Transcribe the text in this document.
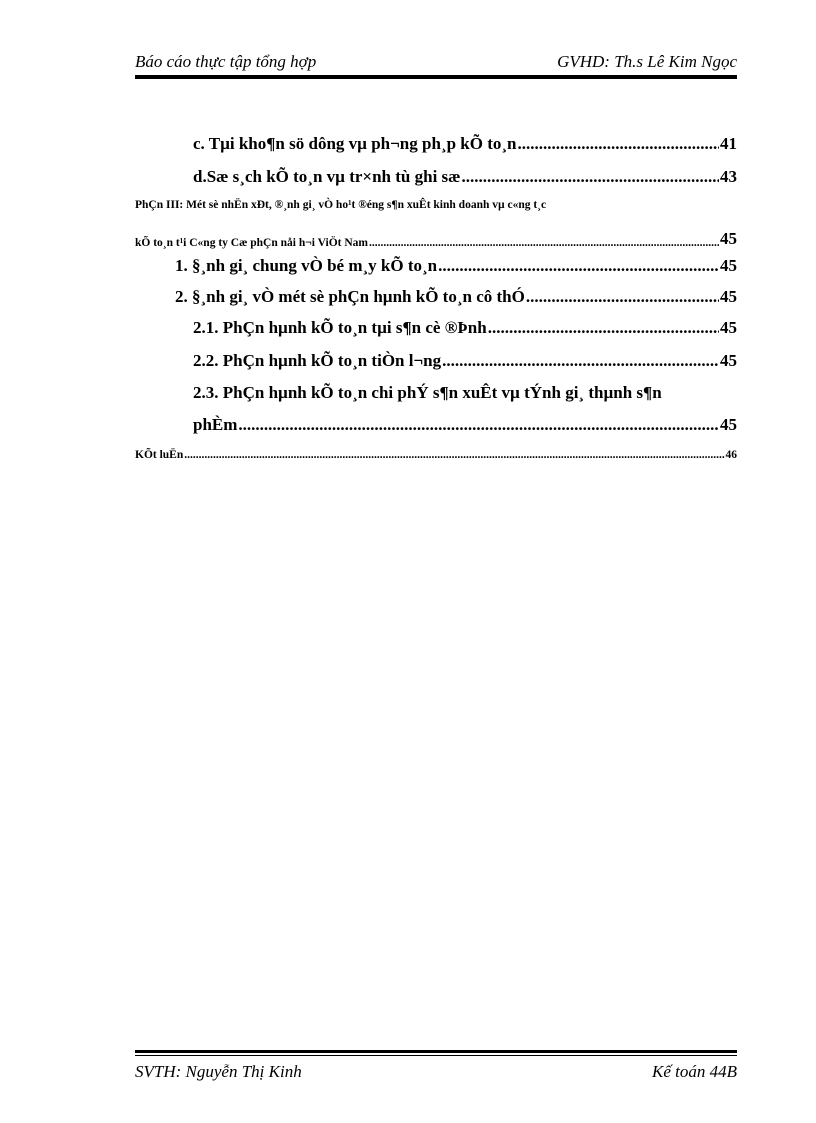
Báo cáo thực tập tổng hợp	GVHD: Th.s Lê Kim Ngọc
c. Tµi kho¶n sö dông vµ ph¬ng ph¸p kÕ to¸n .....	41
d.Sæ s¸ch kÕ to¸n vµ tr×nh tù ghi sæ .....	43
PhÇn III: Mét sè nhËn xÐt, ®¸nh gi¸ vÒ ho¹t ®éng s¶n xuÊt kinh doanh vµ c«ng t¸c
kÕ to¸n t¹i C«ng ty Cæ phÇn nåi h¬i ViÖt Nam .....	45
1. §¸nh gi¸ chung vÒ bé m¸y kÕ to¸n .....	45
2. §¸nh gi¸ vÒ mét sè phÇn hµnh kÕ to¸n cô thÓ .....	45
2.1. PhÇn hµnh kÕ to¸n tµi s¶n cè ®Þnh .....	45
2.2. PhÇn hµnh kÕ to¸n tiÒn l¬ng .....	45
2.3. PhÇn hµnh kÕ to¸n chi phÝ s¶n xuÊt vµ tÝnh gi¸ thµnh s¶n
phÈm .....	45
KÕt luËn .....	46
SVTH: Nguyễn Thị Kinh	Kế toán 44B
